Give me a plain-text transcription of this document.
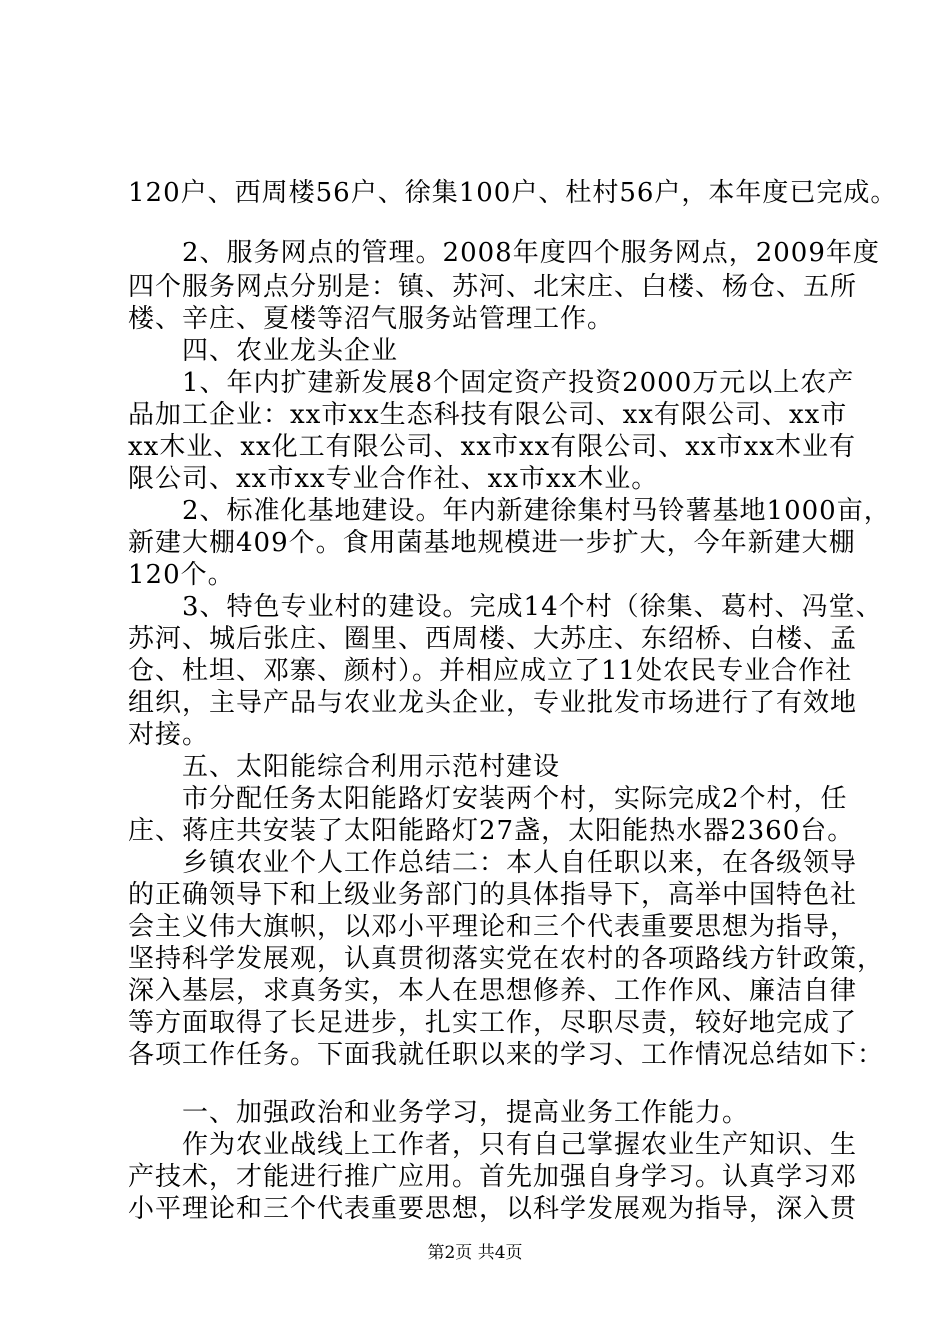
120户、西周楼56户、徐集100户、杜村56户，本年度已完成。
　　2、服务网点的管理。2008年度四个服务网点，2009年度
四个服务网点分别是：镇、苏河、北宋庄、白楼、杨仓、五所
楼、辛庄、夏楼等沼气服务站管理工作。
　　四、农业龙头企业
　　1、年内扩建新发展8个固定资产投资2000万元以上农产
品加工企业：xx市xx生态科技有限公司、xx有限公司、xx市
xx木业、xx化工有限公司、xx市xx有限公司、xx市xx木业有
限公司、xx市xx专业合作社、xx市xx木业。
　　2、标准化基地建设。年内新建徐集村马铃薯基地1000亩，
新建大棚409个。食用菌基地规模进一步扩大，今年新建大棚
120个。
　　3、特色专业村的建设。完成14个村（徐集、葛村、冯堂、
苏河、城后张庄、圈里、西周楼、大苏庄、东绍桥、白楼、孟
仓、杜坦、邓寨、颜村）。并相应成立了11处农民专业合作社
组织，主导产品与农业龙头企业，专业批发市场进行了有效地
对接。
　　五、太阳能综合利用示范村建设
　　市分配任务太阳能路灯安装两个村，实际完成2个村，任
庄、蒋庄共安装了太阳能路灯27盏，太阳能热水器2360台。
　　乡镇农业个人工作总结二：本人自任职以来，在各级领导
的正确领导下和上级业务部门的具体指导下，高举中国特色社
会主义伟大旗帜，以邓小平理论和三个代表重要思想为指导，
坚持科学发展观，认真贯彻落实党在农村的各项路线方针政策，
深入基层，求真务实，本人在思想修养、工作作风、廉洁自律
等方面取得了长足进步，扎实工作，尽职尽责，较好地完成了
各项工作任务。下面我就任职以来的学习、工作情况总结如下：
　　一、加强政治和业务学习，提高业务工作能力。
　　作为农业战线上工作者，只有自己掌握农业生产知识、生
产技术，才能进行推广应用。首先加强自身学习。认真学习邓
小平理论和三个代表重要思想，以科学发展观为指导，深入贯
第2页 共4页
